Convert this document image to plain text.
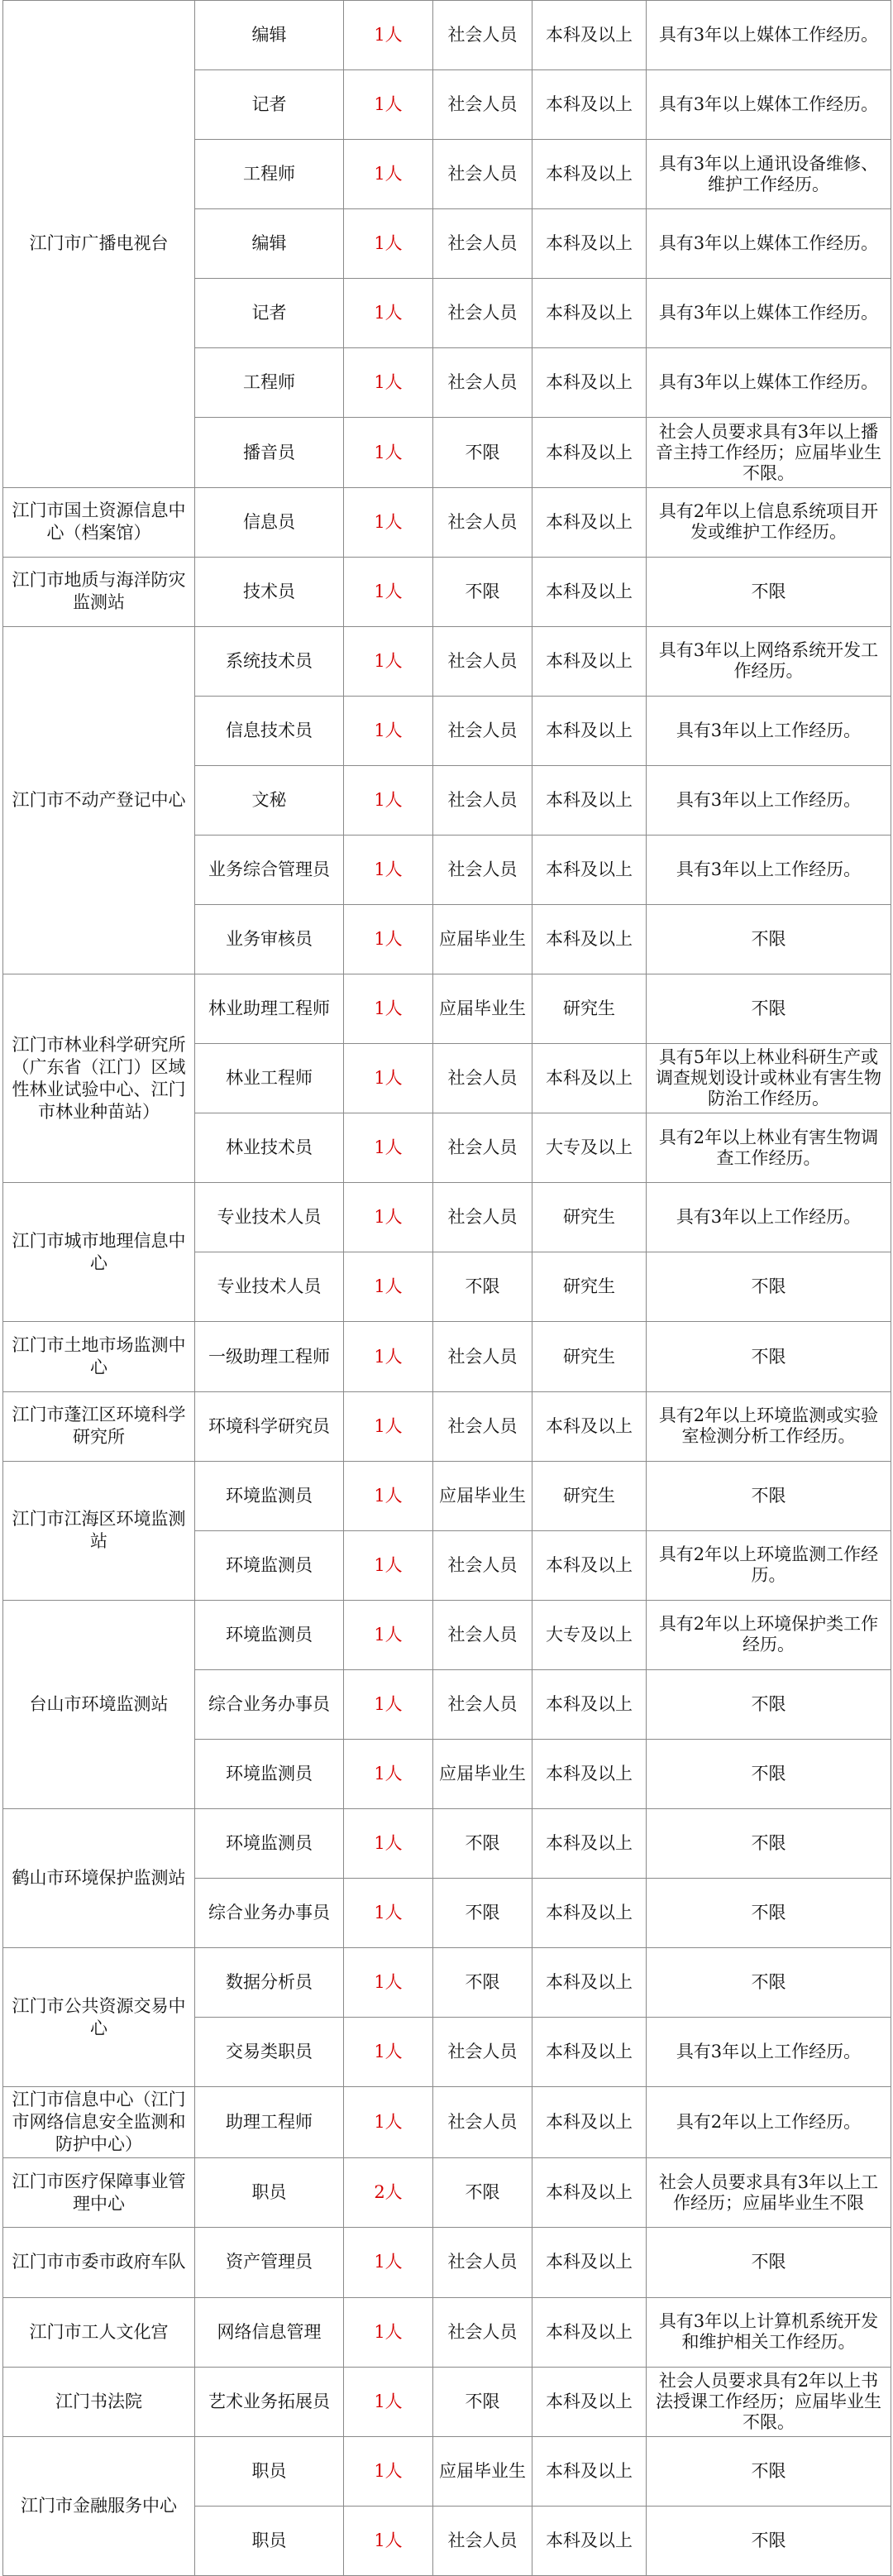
江门市广播电视台	编辑	1人	社会人员	本科及以上	具有3年以上媒体工作经历。
	记者	1人	社会人员	本科及以上	具有3年以上媒体工作经历。
	工程师	1人	社会人员	本科及以上	具有3年以上通讯设备维修、维护工作经历。
	编辑	1人	社会人员	本科及以上	具有3年以上媒体工作经历。
	记者	1人	社会人员	本科及以上	具有3年以上媒体工作经历。
	工程师	1人	社会人员	本科及以上	具有3年以上媒体工作经历。
	播音员	1人	不限	本科及以上	社会人员要求具有3年以上播音主持工作经历；应届毕业生不限。
江门市国土资源信息中心（档案馆）	信息员	1人	社会人员	本科及以上	具有2年以上信息系统项目开发或维护工作经历。
江门市地质与海洋防灾监测站	技术员	1人	不限	本科及以上	不限
江门市不动产登记中心	系统技术员	1人	社会人员	本科及以上	具有3年以上网络系统开发工作经历。
	信息技术员	1人	社会人员	本科及以上	具有3年以上工作经历。
	文秘	1人	社会人员	本科及以上	具有3年以上工作经历。
	业务综合管理员	1人	社会人员	本科及以上	具有3年以上工作经历。
	业务审核员	1人	应届毕业生	本科及以上	不限
江门市林业科学研究所（广东省（江门）区域性林业试验中心、江门市林业种苗站）	林业助理工程师	1人	应届毕业生	研究生	不限
	林业工程师	1人	社会人员	本科及以上	具有5年以上林业科研生产或调查规划设计或林业有害生物防治工作经历。
	林业技术员	1人	社会人员	大专及以上	具有2年以上林业有害生物调查工作经历。
江门市城市地理信息中心	专业技术人员	1人	社会人员	研究生	具有3年以上工作经历。
	专业技术人员	1人	不限	研究生	不限
江门市土地市场监测中心	一级助理工程师	1人	社会人员	研究生	不限
江门市蓬江区环境科学研究所	环境科学研究员	1人	社会人员	本科及以上	具有2年以上环境监测或实验室检测分析工作经历。
江门市江海区环境监测站	环境监测员	1人	应届毕业生	研究生	不限
	环境监测员	1人	社会人员	本科及以上	具有2年以上环境监测工作经历。
台山市环境监测站	环境监测员	1人	社会人员	大专及以上	具有2年以上环境保护类工作经历。
	综合业务办事员	1人	社会人员	本科及以上	不限
	环境监测员	1人	应届毕业生	本科及以上	不限
鹤山市环境保护监测站	环境监测员	1人	不限	本科及以上	不限
	综合业务办事员	1人	不限	本科及以上	不限
江门市公共资源交易中心	数据分析员	1人	不限	本科及以上	不限
	交易类职员	1人	社会人员	本科及以上	具有3年以上工作经历。
江门市信息中心（江门市网络信息安全监测和防护中心）	助理工程师	1人	社会人员	本科及以上	具有2年以上工作经历。
江门市医疗保障事业管理中心	职员	2人	不限	本科及以上	社会人员要求具有3年以上工作经历；应届毕业生不限
江门市市委市政府车队	资产管理员	1人	社会人员	本科及以上	不限
江门市工人文化宫	网络信息管理	1人	社会人员	本科及以上	具有3年以上计算机系统开发和维护相关工作经历。
江门书法院	艺术业务拓展员	1人	不限	本科及以上	社会人员要求具有2年以上书法授课工作经历；应届毕业生不限。
江门市金融服务中心	职员	1人	应届毕业生	本科及以上	不限
	职员	1人	社会人员	本科及以上	不限
